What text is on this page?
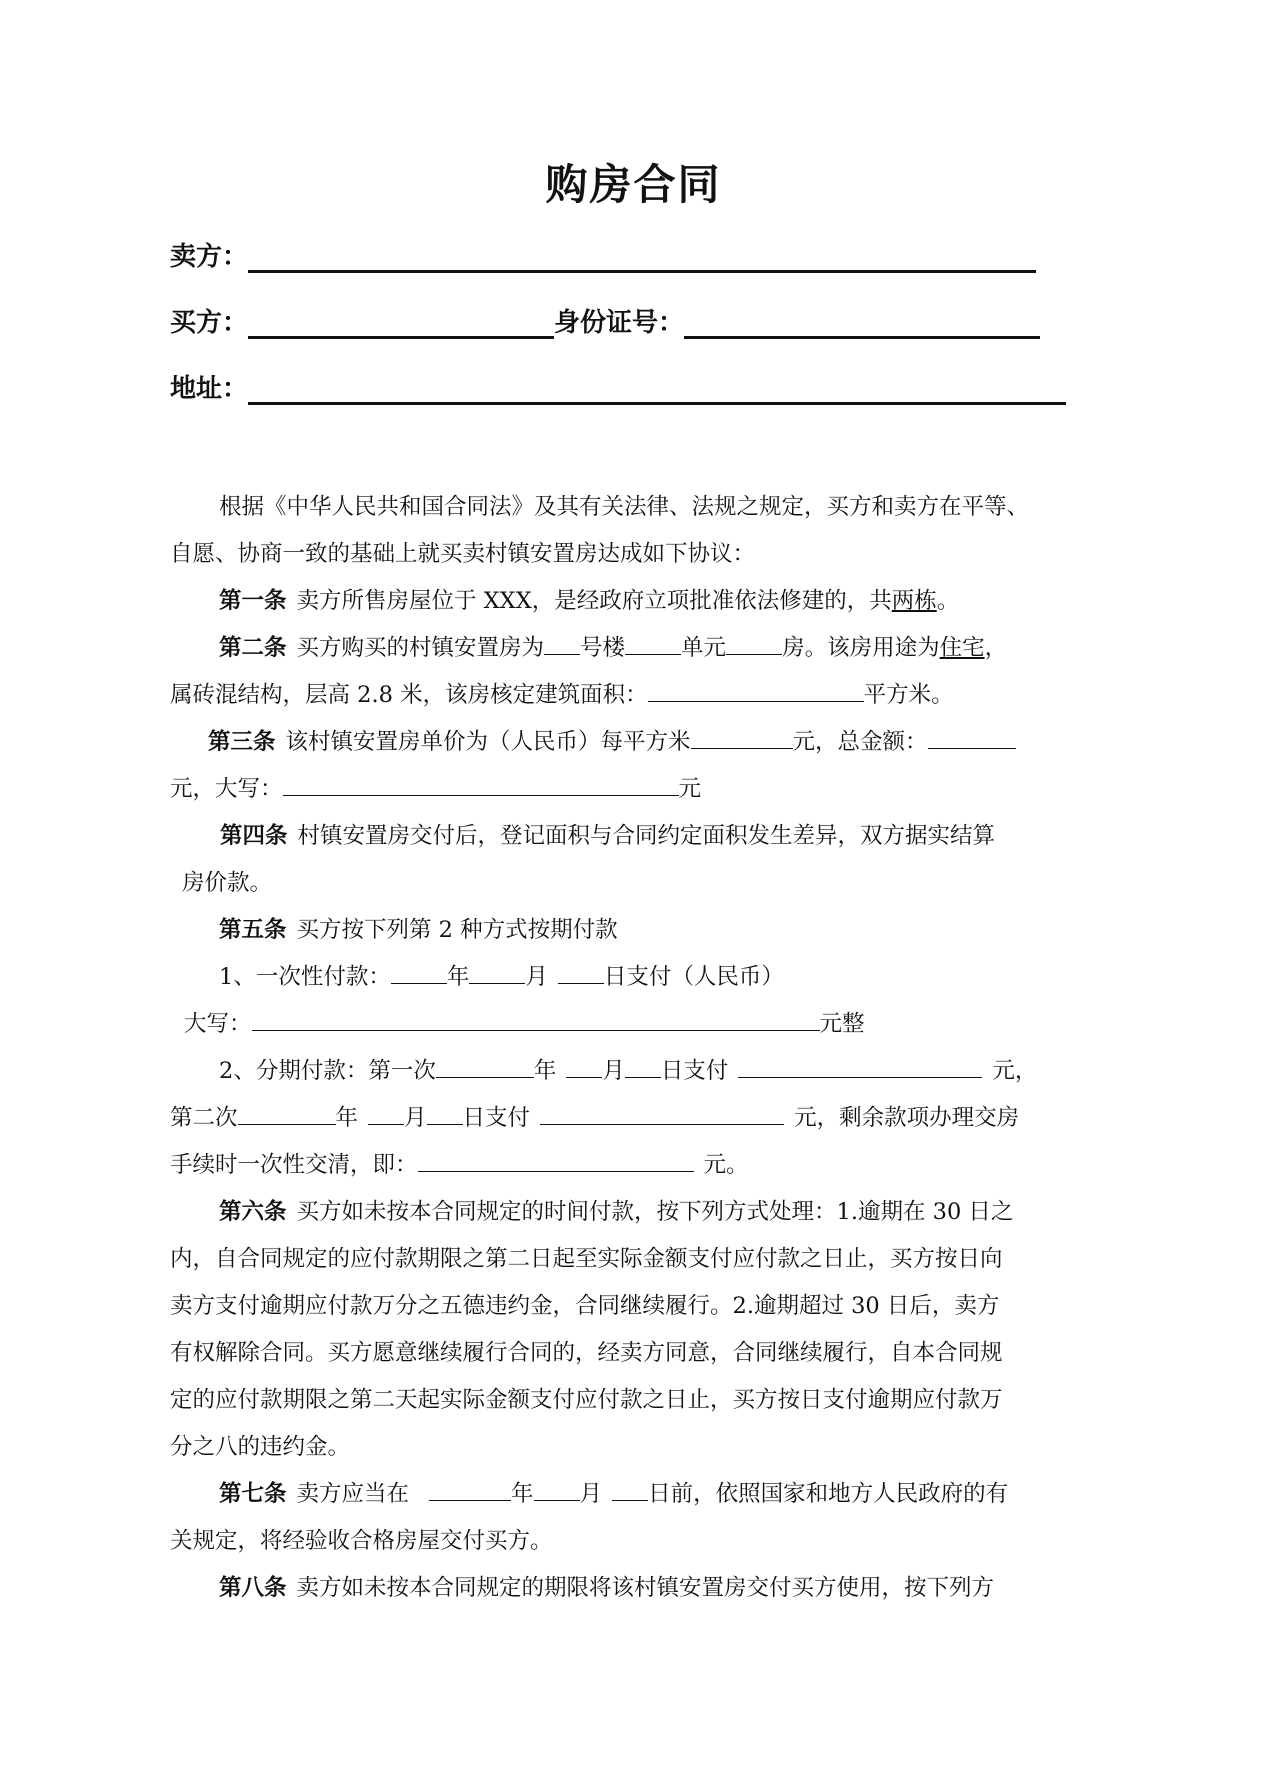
购房合同
卖方：
买方：	身份证号：
地址：

根据《中华人民共和国合同法》及其有关法律、法规之规定，买方和卖方在平等、

自愿、协商一致的基础上就买卖村镇安置房达成如下协议：

第一条 卖方所售房屋位于 XXX，是经政府立项批准依法修建的，共两栋。

第二条 买方购买的村镇安置房为 号楼 单元 房。该房用途为住宅，

属砖混结构，层高 2.8 米，该房核定建筑面积：	平方米。

第三条 该村镇安置房单价为（人民币）每平方米	元，总金额：

元，大写：	元

第四条 村镇安置房交付后，登记面积与合同约定面积发生差异，双方据实结算

房价款。

第五条 买方按下列第 2 种方式按期付款

1、一次性付款： 年 月 日支付（人民币）

大写：	元整

2、分期付款：第一次	年 月 日支付	元，

第二次	年 月 日支付	元，剩余款项办理交房

手续时一次性交清，即：	元。

第六条 买方如未按本合同规定的时间付款，按下列方式处理：1.逾期在 30 日之

内，自合同规定的应付款期限之第二日起至实际金额支付应付款之日止，买方按日向

卖方支付逾期应付款万分之五德违约金，合同继续履行。2.逾期超过 30 日后，卖方

有权解除合同。买方愿意继续履行合同的，经卖方同意，合同继续履行，自本合同规

定的应付款期限之第二天起实际金额支付应付款之日止，买方按日支付逾期应付款万

分之八的违约金。

第七条 卖方应当在	年 月 日前，依照国家和地方人民政府的有

关规定，将经验收合格房屋交付买方。

第八条 卖方如未按本合同规定的期限将该村镇安置房交付买方使用，按下列方
